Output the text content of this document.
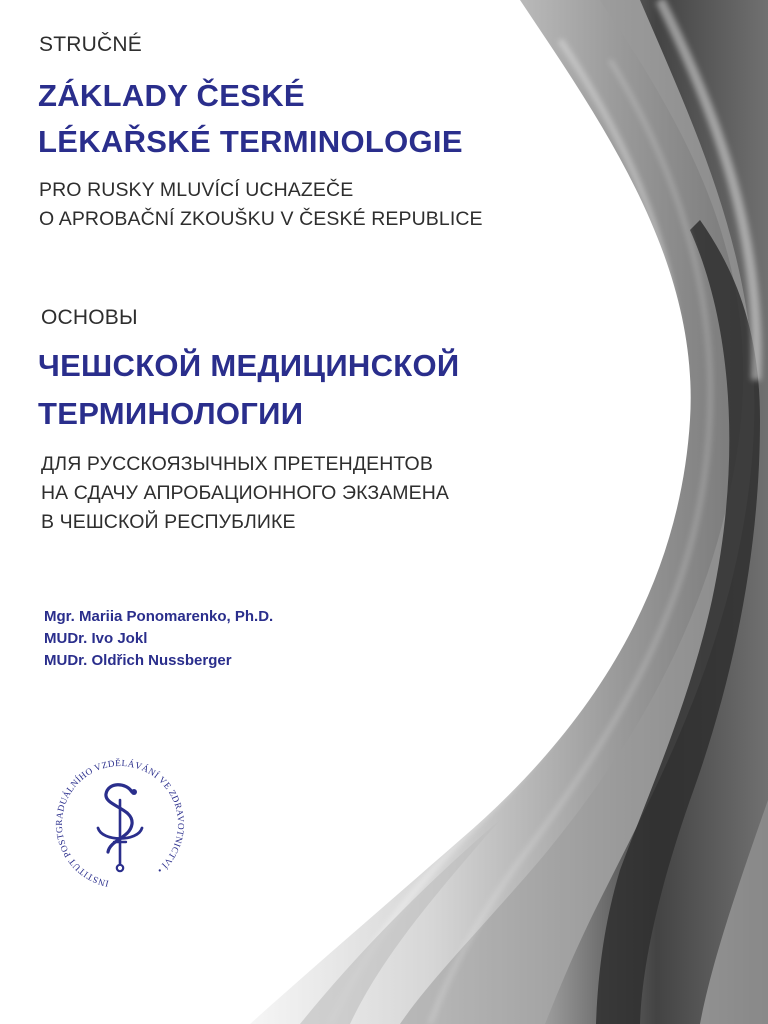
STRUČNÉ

ZÁKLADY ČESKÉ

LÉKAŘSKÉ TERMINOLOGIE

PRO RUSKY MLUVÍCÍ UCHAZEČE

O APROBAČNÍ ZKOUŠKU V ČESKÉ REPUBLICE

ОСНОВЫ

ЧЕШСКОЙ МЕДИЦИНСКОЙ

ТЕРМИНОЛОГИИ

ДЛЯ РУССКОЯЗЫЧНЫХ ПРЕТЕНДЕНТОВ

НА СДАЧУ АПРОБАЦИОННОГО ЭКЗАМЕНА

В ЧЕШСКОЙ РЕСПУБЛИКЕ

Mgr. Mariia Ponomarenko, Ph.D.
MUDr. Ivo Jokl
MUDr. Oldřich Nussberger
INSTITUT POSTGRADUÁLNÍHO VZDĚLÁVÁNÍ VE ZDRAVOTNICTVÍ •
